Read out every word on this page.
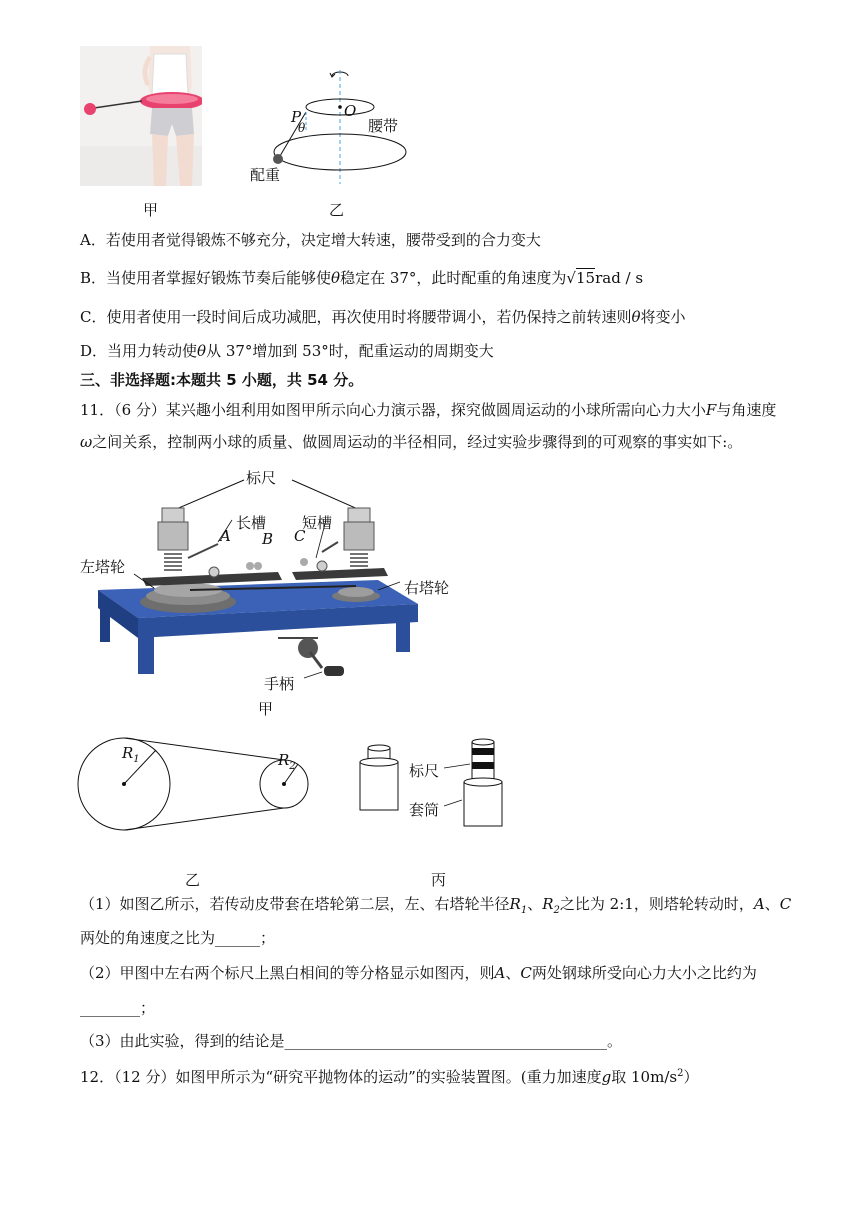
甲
P	O
θ	腰带
配重
乙
A．若使用者觉得锻炼不够充分，决定增大转速，腰带受到的合力变大
B．当使用者掌握好锻炼节奏后能够使θ稳定在 37°，此时配重的角速度为√15rad / s
C．使用者使用一段时间后成功减肥，再次使用时将腰带调小，若仍保持之前转速则θ将变小
D．当用力转动使θ从 37°增加到 53°时，配重运动的周期变大
三、非选择题:本题共 5 小题，共 54 分。
11．（6 分）某兴趣小组利用如图甲所示向心力演示器，探究做圆周运动的小球所需向心力大小F与角速度
ω之间关系，控制两小球的质量、做圆周运动的半径相同，经过实验步骤得到的可观察的事实如下:。
标尺
长槽 短槽
A B C
左塔轮
右塔轮
手柄
甲
$R_1$	$R_2$
乙
标尺
套筒
丙
（1）如图乙所示，若传动皮带套在塔轮第二层，左、右塔轮半径$R_1$、$R_2$之比为 2:1，则塔轮转动时，A、C
两处的角速度之比为______；
（2）甲图中左右两个标尺上黑白相间的等分格显示如图丙，则A、C两处钢球所受向心力大小之比约为
________；
（3）由此实验，得到的结论是___________________________________________。
12．（12 分）如图甲所示为“研究平抛物体的运动”的实验装置图。(重力加速度g取 $10m/s^2$）
